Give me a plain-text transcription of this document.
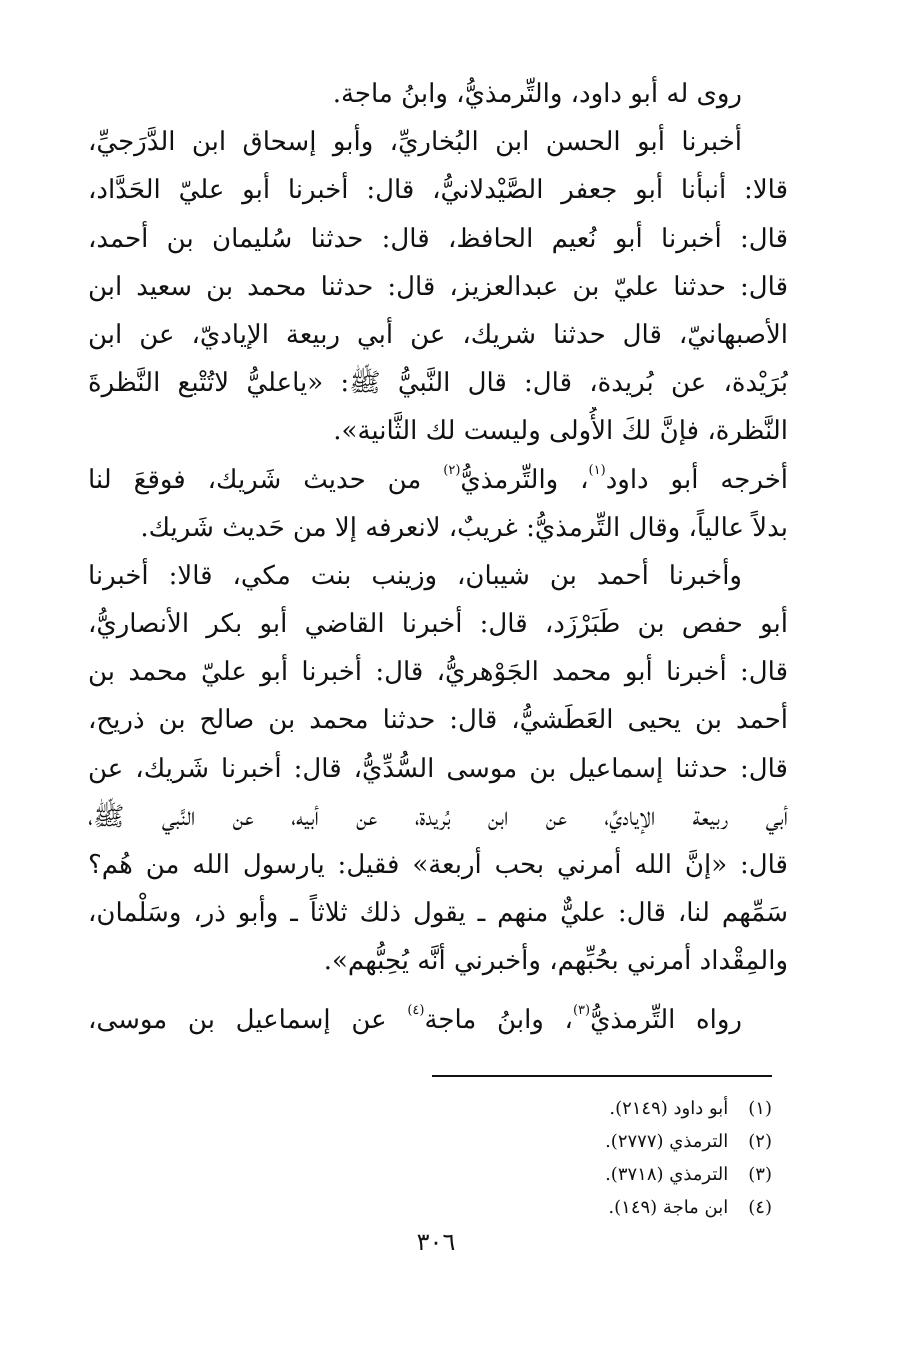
روى له أبو داود، والتِّرمذيُّ، وابنُ ماجة.
أخبرنا أبو الحسن ابن البُخاريِّ، وأبو إسحاق ابن الدَّرَجيِّ،
قالا: أنبأنا أبو جعفر الصَّيْدلانيُّ، قال: أخبرنا أبو عليّ الحَدَّاد،
قال: أخبرنا أبو نُعيم الحافظ، قال: حدثنا سُليمان بن أحمد،
قال: حدثنا عليّ بن عبدالعزيز، قال: حدثنا محمد بن سعيد ابن
الأصبهانيّ، قال حدثنا شريك، عن أبي ربيعة الإياديّ، عن ابن
بُرَيْدة، عن بُريدة، قال: قال النَّبيُّ ﷺ: «ياعليُّ لاتُتْبع النَّظرةَ
النَّظرة، فإنَّ لكَ الأُولى وليست لك الثَّانية».
أخرجه أبو داود$^{(١)}$، والتِّرمذيُّ$^{(٢)}$ من حديث شَريك، فوقعَ لنا
بدلاً عالياً، وقال التِّرمذيُّ: غريبٌ، لانعرفه إلا من حَديث شَريك.
وأخبرنا أحمد بن شيبان، وزينب بنت مكي، قالا: أخبرنا
أبو حفص بن طَبَرْزَد، قال: أخبرنا القاضي أبو بكر الأنصاريُّ،
قال: أخبرنا أبو محمد الجَوْهريُّ، قال: أخبرنا أبو عليّ محمد بن
أحمد بن يحيى العَطَشيُّ، قال: حدثنا محمد بن صالح بن ذريح،
قال: حدثنا إسماعيل بن موسى السُّدِّيُّ، قال: أخبرنا شَريك، عن
أبي ربيعة الإياديِّ، عن ابن بُريدة، عن أبيه، عن النَّبي ﷺ،
قال: «إنَّ الله أمرني بحب أربعة» فقيل: يارسول الله من هُم؟
سَمِّهم لنا، قال: عليٌّ منهم ـ يقول ذلك ثلاثاً ـ وأبو ذر، وسَلْمان،
والمِقْداد أمرني بحُبِّهم، وأخبرني أنَّه يُحِبُّهم».
رواه التِّرمذيُّ$^{(٣)}$، وابنُ ماجة$^{(٤)}$ عن إسماعيل بن موسى،
(١) أبو داود (٢١٤٩).
(٢) الترمذي (٢٧٧٧).
(٣) الترمذي (٣٧١٨).
(٤) ابن ماجة (١٤٩).
٣٠٦
